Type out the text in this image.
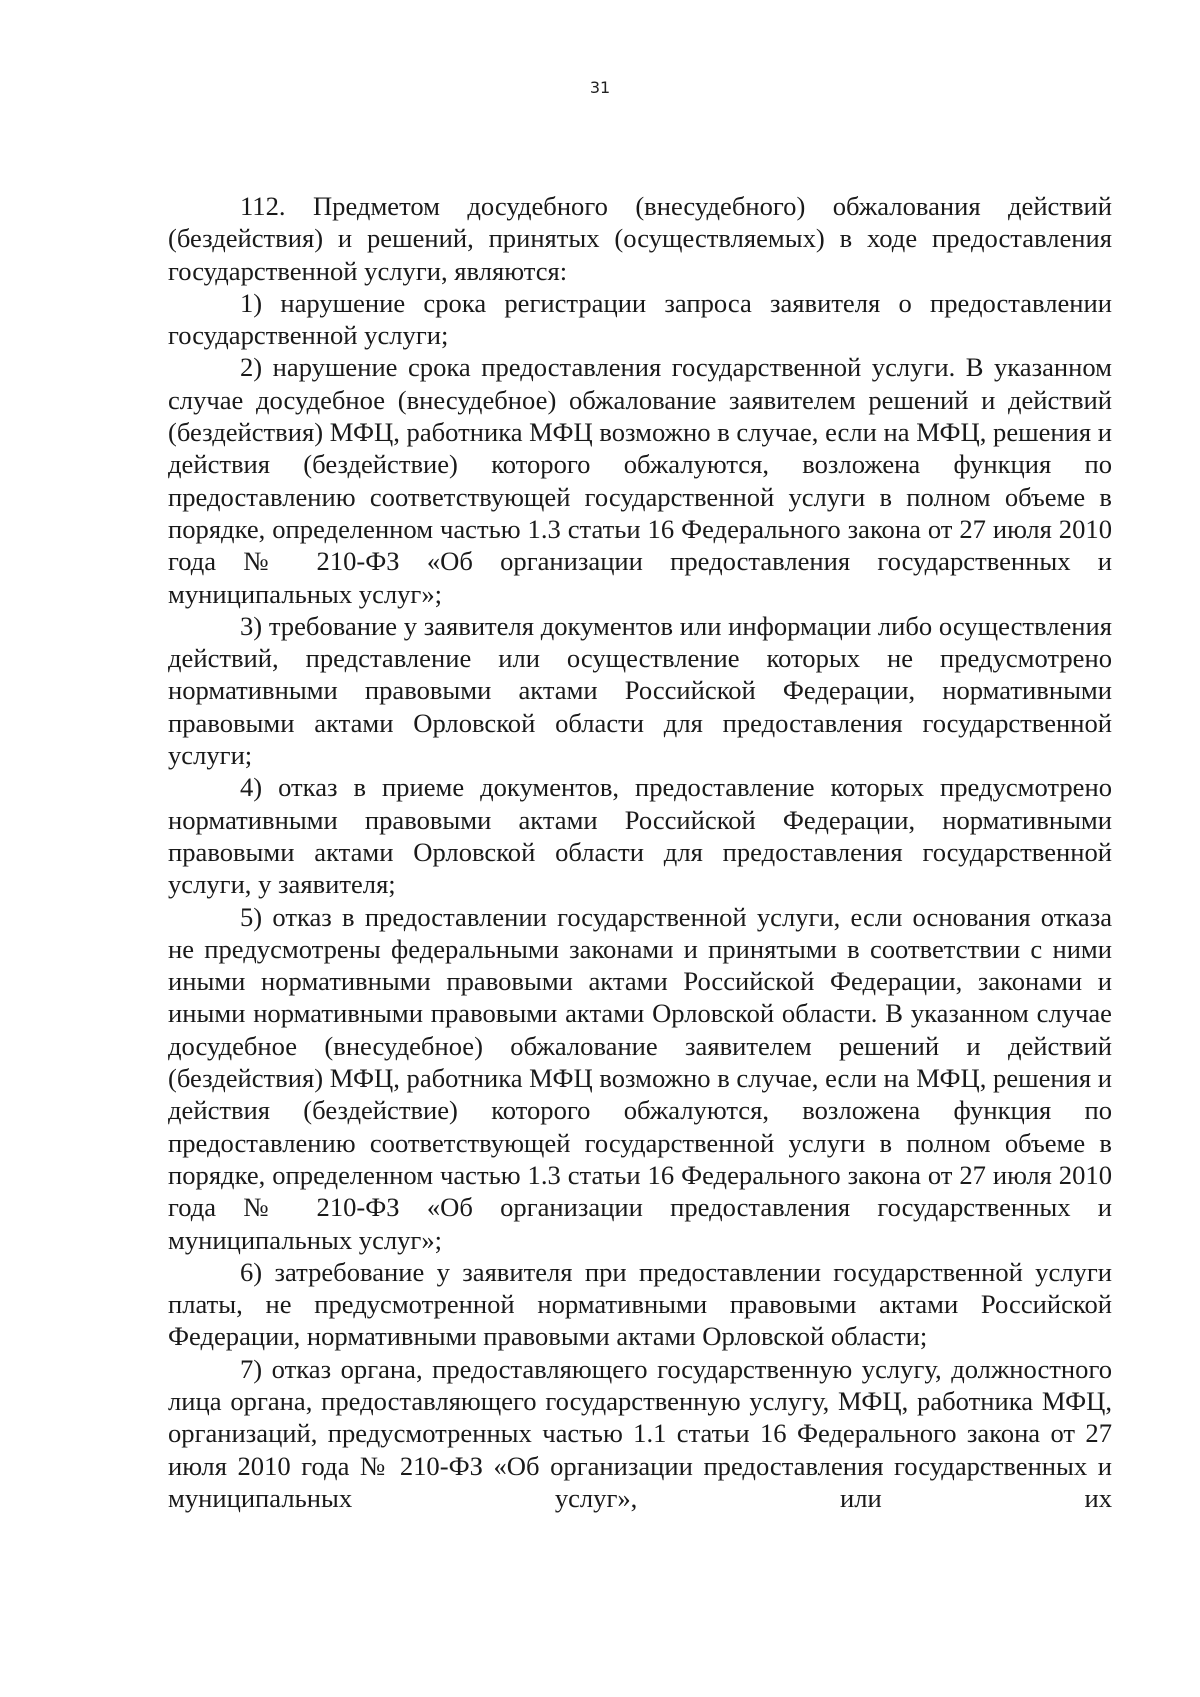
31

112. Предметом досудебного (внесудебного) обжалования действий (бездействия) и решений, принятых (осуществляемых) в ходе предоставления государственной услуги, являются:

1) нарушение срока регистрации запроса заявителя о предоставлении государственной услуги;

2) нарушение срока предоставления государственной услуги. В указанном случае досудебное (внесудебное) обжалование заявителем решений и действий (бездействия) МФЦ, работника МФЦ возможно в случае, если на МФЦ, решения и действия (бездействие) которого обжалуются, возложена функция по предоставлению соответствующей государственной услуги в полном объеме в порядке, определенном частью 1.3 статьи 16 Федерального закона от 27 июля 2010 года № 210-ФЗ «Об организации предоставления государственных и муниципальных услуг»;

3) требование у заявителя документов или информации либо осуществления действий, представление или осуществление которых не предусмотрено нормативными правовыми актами Российской Федерации, нормативными правовыми актами Орловской области для предоставления государственной услуги;

4) отказ в приеме документов, предоставление которых предусмотрено нормативными правовыми актами Российской Федерации, нормативными правовыми актами Орловской области для предоставления государственной услуги, у заявителя;

5) отказ в предоставлении государственной услуги, если основания отказа не предусмотрены федеральными законами и принятыми в соответствии с ними иными нормативными правовыми актами Российской Федерации, законами и иными нормативными правовыми актами Орловской области. В указанном случае досудебное (внесудебное) обжалование заявителем решений и действий (бездействия) МФЦ, работника МФЦ возможно в случае, если на МФЦ, решения и действия (бездействие) которого обжалуются, возложена функция по предоставлению соответствующей государственной услуги в полном объеме в порядке, определенном частью 1.3 статьи 16 Федерального закона от 27 июля 2010 года № 210-ФЗ «Об организации предоставления государственных и муниципальных услуг»;

6) затребование у заявителя при предоставлении государственной услуги платы, не предусмотренной нормативными правовыми актами Российской Федерации, нормативными правовыми актами Орловской области;

7) отказ органа, предоставляющего государственную услугу, должностного лица органа, предоставляющего государственную услугу, МФЦ, работника МФЦ, организаций, предусмотренных частью 1.1 статьи 16 Федерального закона от 27 июля 2010 года № 210-ФЗ «Об организации предоставления государственных и муниципальных услуг», или их
